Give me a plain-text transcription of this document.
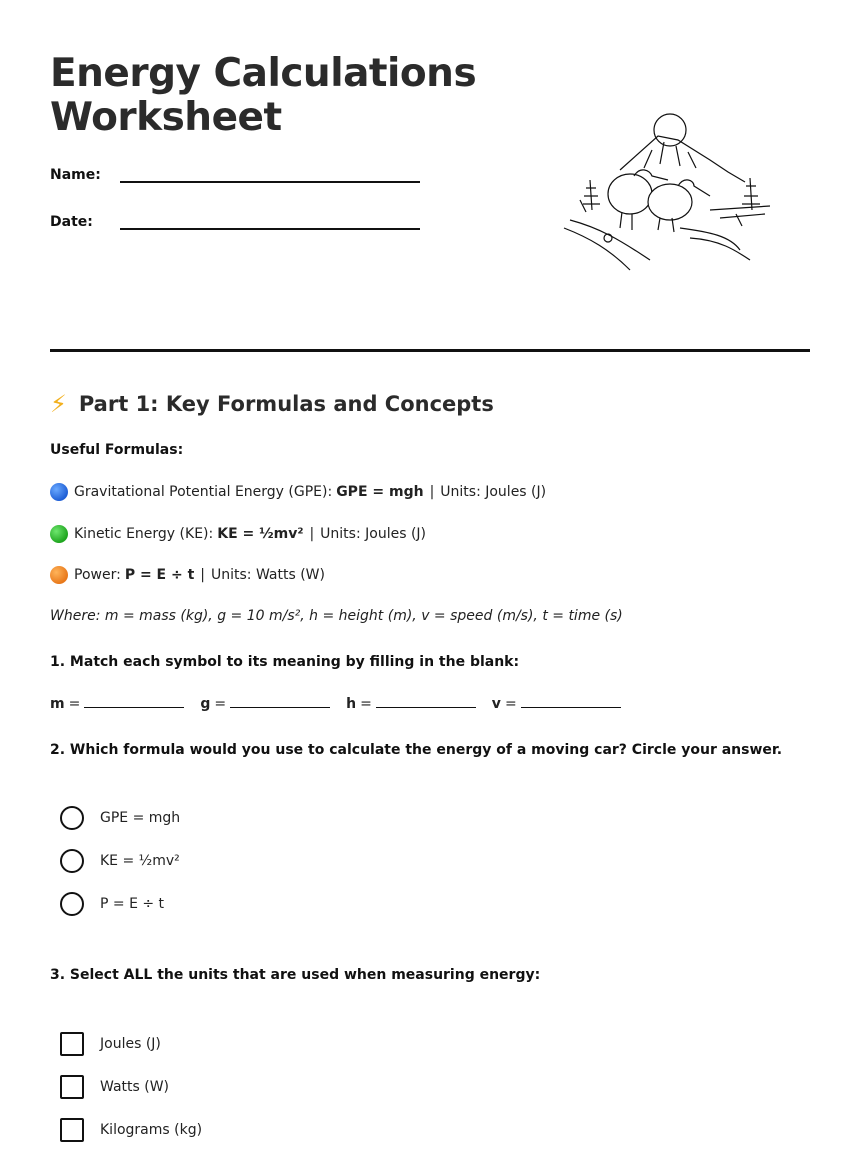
Energy Calculations Worksheet
Name:
Date:
⚡ Part 1: Key Formulas and Concepts
Useful Formulas:
Gravitational Potential Energy (GPE): GPE = mgh | Units: Joules (J)
Kinetic Energy (KE): KE = ½mv² | Units: Joules (J)
Power: P = E ÷ t | Units: Watts (W)
Where: m = mass (kg), g = 10 m/s², h = height (m), v = speed (m/s), t = time (s)
1. Match each symbol to its meaning by filling in the blank:
m =	g =	h =	v =
2. Which formula would you use to calculate the energy of a moving car? Circle your answer.
GPE = mgh
KE = ½mv²
P = E ÷ t
3. Select ALL the units that are used when measuring energy:
Joules (J)
Watts (W)
Kilograms (kg)
